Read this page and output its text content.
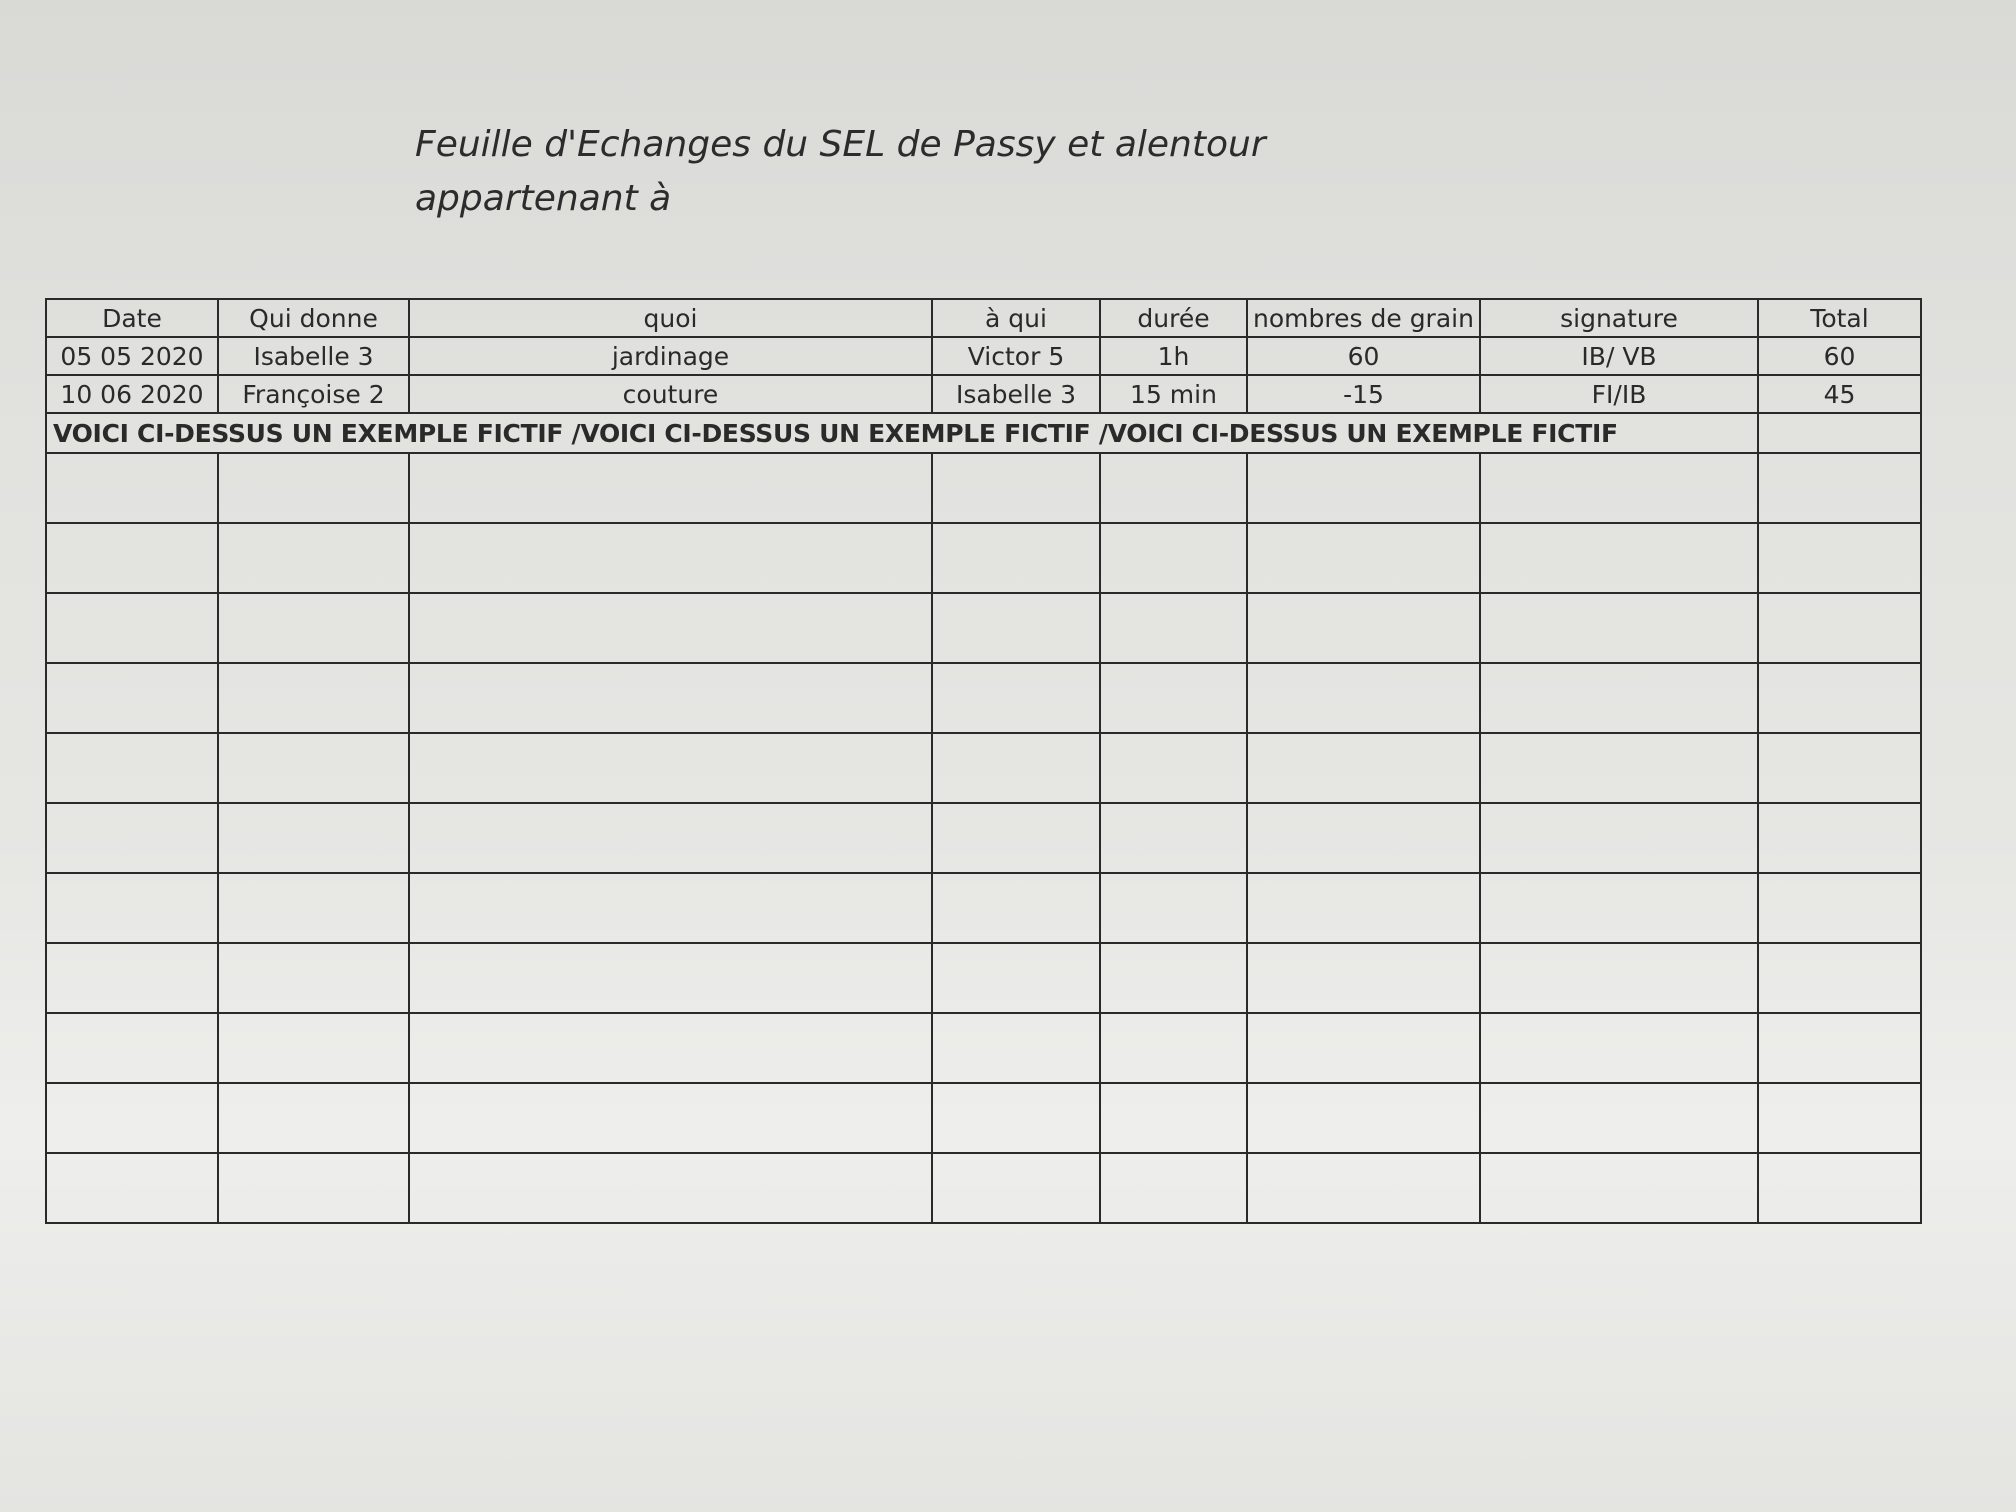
Feuille d'Echanges du SEL de Passy et alentour
appartenant à
Date	Qui donne	quoi	à qui	durée	nombres de grain	signature	Total
05 05 2020	Isabelle 3	jardinage	Victor 5	1h	60	IB/ VB	60
10 06 2020	Françoise 2	couture	Isabelle 3	15 min	-15	FI/IB	45
VOICI CI-DESSUS UN EXEMPLE FICTIF /VOICI CI-DESSUS UN EXEMPLE FICTIF /VOICI CI-DESSUS UN EXEMPLE FICTIF							
